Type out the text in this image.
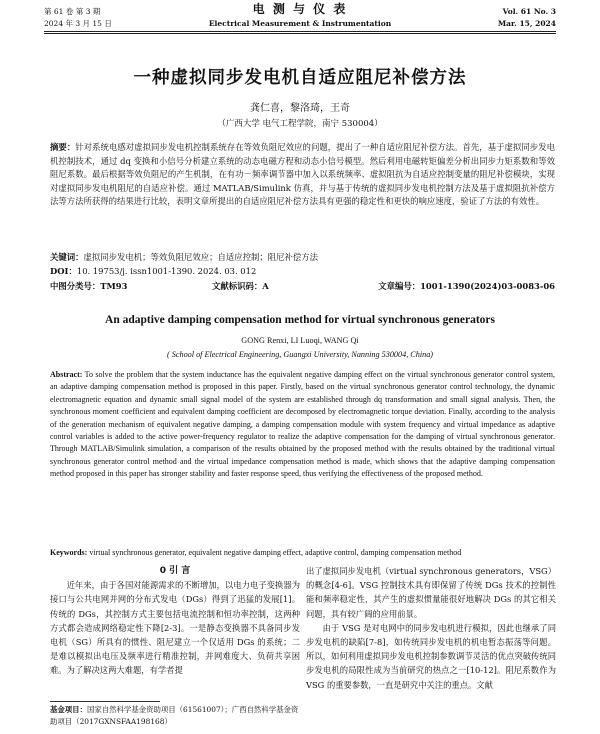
第 61 卷 第 3 期	电 测 与 仪 表	Vol. 61 No. 3
2024 年 3 月 15 日	Electrical Measurement & Instrumentation	Mar. 15, 2024
一种虚拟同步发电机自适应阻尼补偿方法
龚仁喜，黎洛琦，王奇
（广西大学 电气工程学院，南宁 530004）
摘要：针对系统电感对虚拟同步发电机控制系统存在等效负阻尼效应的问题，提出了一种自适应阻尼补偿方法。首先，基于虚拟同步发电机控制技术，通过 dq 变换和小信号分析建立系统的动态电磁方程和动态小信号模型。然后利用电磁转矩偏差分析出同步力矩系数和等效阻尼系数。最后根据等效负阻尼的产生机制，在有功－频率调节器中加入以系统频率、虚拟阻抗为自适应控制变量的阻尼补偿模块，实现对虚拟同步发电机阻尼的自适应补偿。通过 MATLAB/Simulink 仿真，并与基于传统的虚拟同步发电机控制方法及基于虚拟阻抗补偿方法等方法所获得的结果进行比较，表明文章所提出的自适应阻尼补偿方法具有更强的稳定性和更快的响应速度，验证了方法的有效性。
关键词：虚拟同步发电机；等效负阻尼效应；自适应控制；阻尼补偿方法
DOI：10. 19753/j. issn1001-1390. 2024. 03. 012
中图分类号：TM93	文献标识码：A	文章编号：1001-1390(2024)03-0083-06
An adaptive damping compensation method for virtual synchronous generators
GONG Renxi, LI Luoqi, WANG Qi
( School of Electrical Engineering, Guangxi University, Nanning 530004, China)
Abstract: To solve the problem that the system inductance has the equivalent negative damping effect on the virtual synchronous generator control system, an adaptive damping compensation method is proposed in this paper. Firstly, based on the virtual synchronous generator control technology, the dynamic electromagnetic equation and dynamic small signal model of the system are established through dq transformation and small signal analysis. Then, the synchronous moment coefficient and equivalent damping coefficient are decomposed by electromagnetic torque deviation. Finally, according to the analysis of the generation mechanism of equivalent negative damping, a damping compensation module with system frequency and virtual impedance as adaptive control variables is added to the active power-frequency regulator to realize the adaptive compensation for the damping of virtual synchronous generator. Through MATLAB/Simulink simulation, a comparison of the results obtained by the proposed method with the results obtained by the traditional virtual synchronous generator control method and the virtual impedance compensation method is made, which shows that the adaptive damping compensation method proposed in this paper has stronger stability and faster response speed, thus verifying the effectiveness of the proposed method.
Keywords: virtual synchronous generator, equivalent negative damping effect, adaptive control, damping compensation method
0 引 言

近年来，由于各国对能源需求的不断增加，以电力电子变换器为接口与公共电网并网的分布式发电（DGs）得到了迅猛的发展[1]。传统的 DGs，其控制方式主要包括电流控制和恒功率控制，这两种方式都会造成网络稳定性下降[2-3]。一是静态变换器不具备同步发电机（SG）所具有的惯性、阻尼建立一个仅适用 DGs 的系统；二是难以模拟出电压及频率进行精准控制，并网难度大、负荷共享困难。为了解决这两大难题，有学者提

出了虚拟同步发电机（virtual synchronous generators，VSG）的概念[4-6]。VSG 控制技术具有即保留了传统 DGs 技术的控制性能和频率稳定性，其产生的虚拟惯量能很好地解决 DGs 的其它相关问题，具有较广阔的应用前景。

由于 VSG 是对电网中的同步发电机进行模拟，因此也继承了同步发电机的缺陷[7-8]，如传统同步发电机的机电暂态振荡等问题。所以，如何利用虚拟同步发电机控制参数调节灵活的优点突破传统同步发电机的局限性成为当前研究的热点之一[10-12]。阻尼系数作为 VSG 的重要参数，一直是研究中关注的重点。文献

基金项目：国家自然科学基金资助项目（61561007）；广西自然科学基金资助项目（2017GXNSFAA198168）
